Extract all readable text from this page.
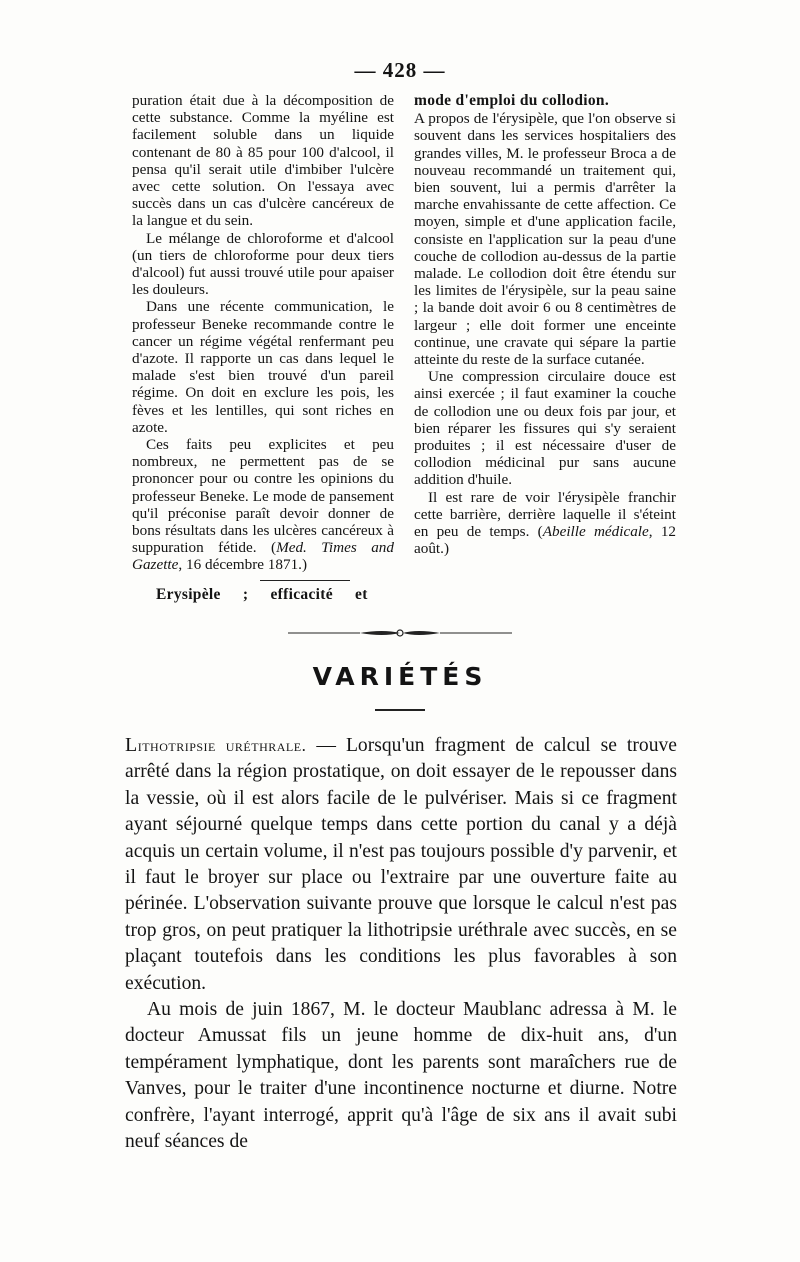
— 428 —

puration était due à la décomposition de cette substance. Comme la myéline est facilement soluble dans un liquide contenant de 80 à 85 pour 100 d'alcool, il pensa qu'il serait utile d'imbiber l'ulcère avec cette solution. On l'essaya avec succès dans un cas d'ulcère cancéreux de la langue et du sein.

Le mélange de chloroforme et d'alcool (un tiers de chloroforme pour deux tiers d'alcool) fut aussi trouvé utile pour apaiser les douleurs.

Dans une récente communication, le professeur Beneke recommande contre le cancer un régime végétal renfermant peu d'azote. Il rapporte un cas dans lequel le malade s'est bien trouvé d'un pareil régime. On doit en exclure les pois, les fèves et les lentilles, qui sont riches en azote.

Ces faits peu explicites et peu nombreux, ne permettent pas de se prononcer pour ou contre les opinions du professeur Beneke. Le mode de pansement qu'il préconise paraît devoir donner de bons résultats dans les ulcères cancéreux à suppuration fétide. (Med. Times and Gazette, 16 décembre 1871.)

Erysipèle ; efficacité et

mode d'emploi du collodion.

A propos de l'érysipèle, que l'on observe si souvent dans les services hospitaliers des grandes villes, M. le professeur Broca a de nouveau recommandé un traitement qui, bien souvent, lui a permis d'arrêter la marche envahissante de cette affection. Ce moyen, simple et d'une application facile, consiste en l'application sur la peau d'une couche de collodion au-dessus de la partie malade. Le collodion doit être étendu sur les limites de l'érysipèle, sur la peau saine ; la bande doit avoir 6 ou 8 centimètres de largeur ; elle doit former une enceinte continue, une cravate qui sépare la partie atteinte du reste de la surface cutanée.

Une compression circulaire douce est ainsi exercée ; il faut examiner la couche de collodion une ou deux fois par jour, et bien réparer les fissures qui s'y seraient produites ; il est nécessaire d'user de collodion médicinal pur sans aucune addition d'huile.

Il est rare de voir l'érysipèle franchir cette barrière, derrière laquelle il s'éteint en peu de temps. (Abeille médicale, 12 août.)

VARIÉTÉS

Lithotripsie uréthrale. — Lorsqu'un fragment de calcul se trouve arrêté dans la région prostatique, on doit essayer de le repousser dans la vessie, où il est alors facile de le pulvériser. Mais si ce fragment ayant séjourné quelque temps dans cette portion du canal y a déjà acquis un certain volume, il n'est pas toujours possible d'y parvenir, et il faut le broyer sur place ou l'extraire par une ouverture faite au périnée. L'observation suivante prouve que lorsque le calcul n'est pas trop gros, on peut pratiquer la lithotripsie uréthrale avec succès, en se plaçant toutefois dans les conditions les plus favorables à son exécution.

Au mois de juin 1867, M. le docteur Maublanc adressa à M. le docteur Amussat fils un jeune homme de dix-huit ans, d'un tempérament lymphatique, dont les parents sont maraîchers rue de Vanves, pour le traiter d'une incontinence nocturne et diurne. Notre confrère, l'ayant interrogé, apprit qu'à l'âge de six ans il avait subi neuf séances de
